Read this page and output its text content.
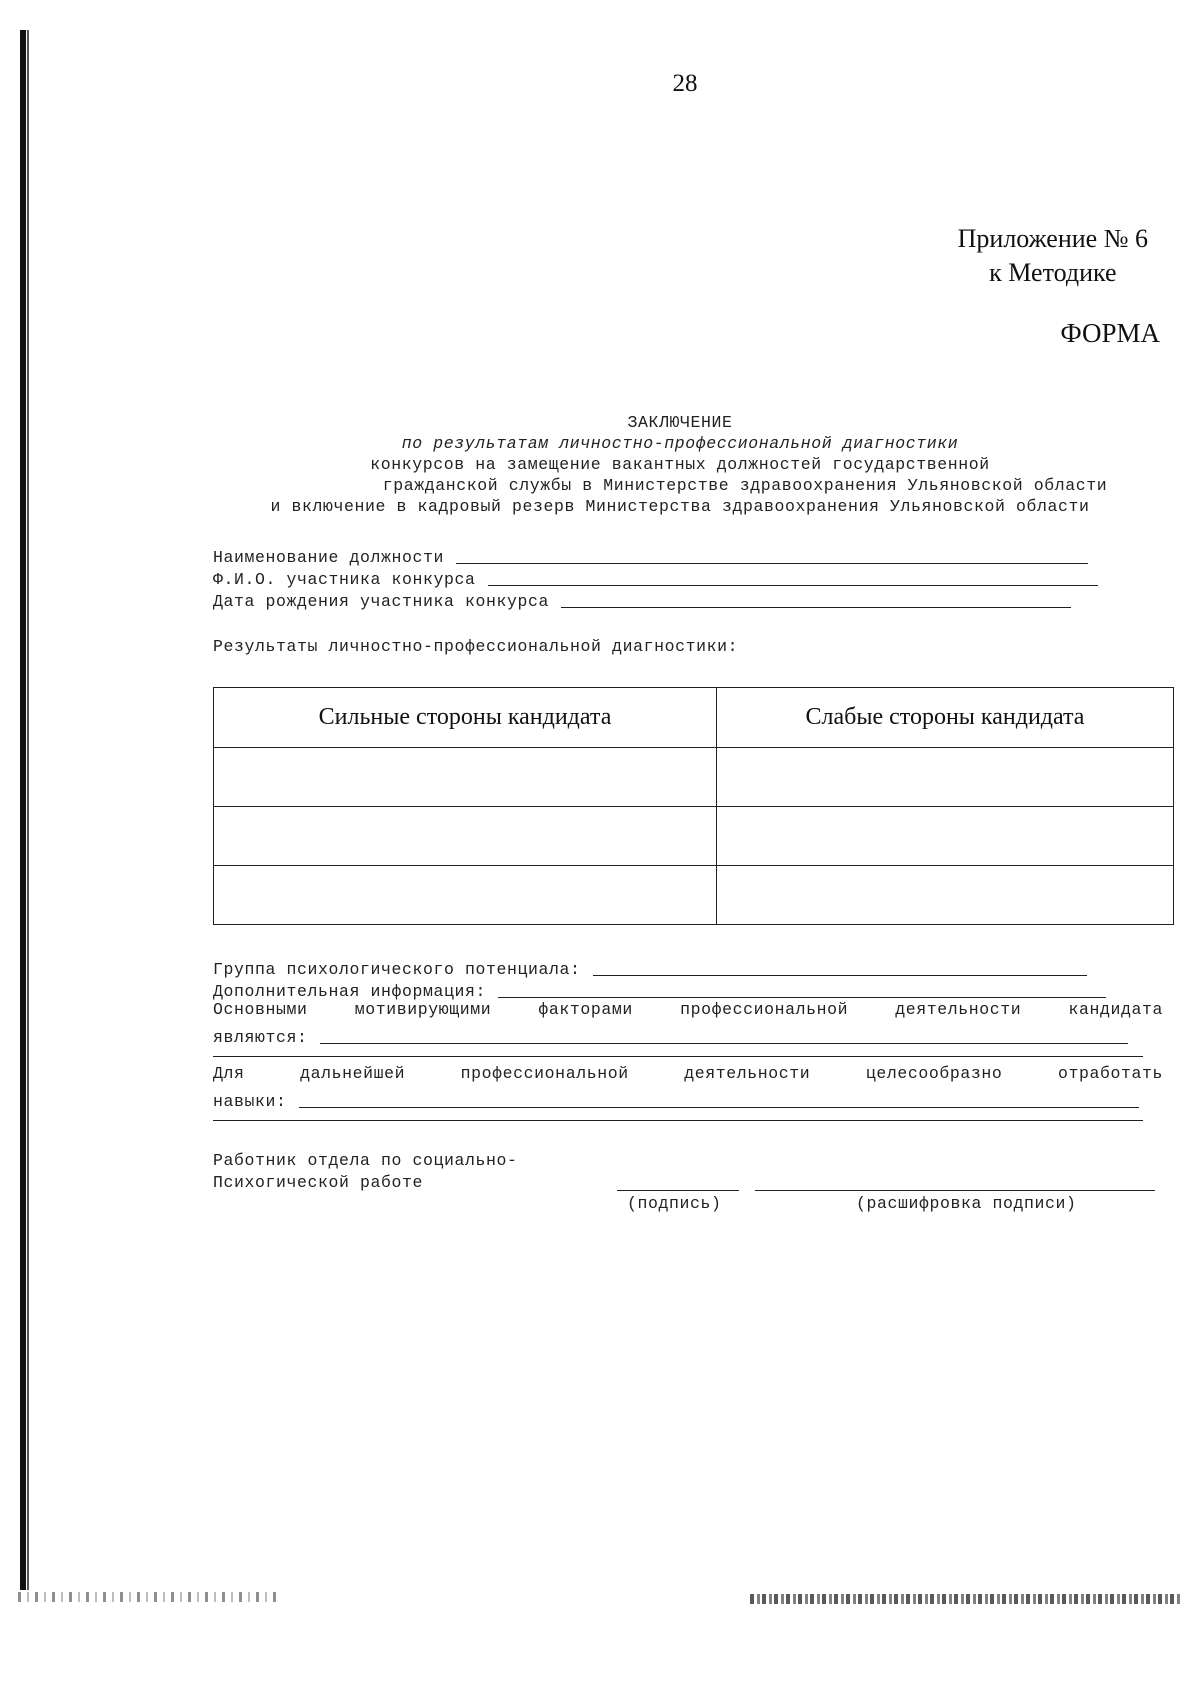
28
Приложение № 6
к Методике
ФОРМА
ЗАКЛЮЧЕНИЕ
по результатам личностно-профессиональной диагностики
конкурсов на замещение вакантных должностей государственной
гражданской службы в Министерстве здравоохранения Ульяновской области
и включение в кадровый резерв Министерства здравоохранения Ульяновской области
Наименование должности
Ф.И.О. участника конкурса
Дата рождения участника конкурса
Результаты личностно-профессиональной диагностики:
Сильные стороны кандидата	Слабые стороны кандидата

Группа психологического потенциала:
Дополнительная информация:
Основными	мотивирующими	факторами	профессиональной	деятельности	кандидата
являются:
Для	дальнейшей	профессиональной	деятельности	целесообразно	отработать
навыки:
Работник отдела по социально-
Психогической работе
(подпись)	(расшифровка подписи)
